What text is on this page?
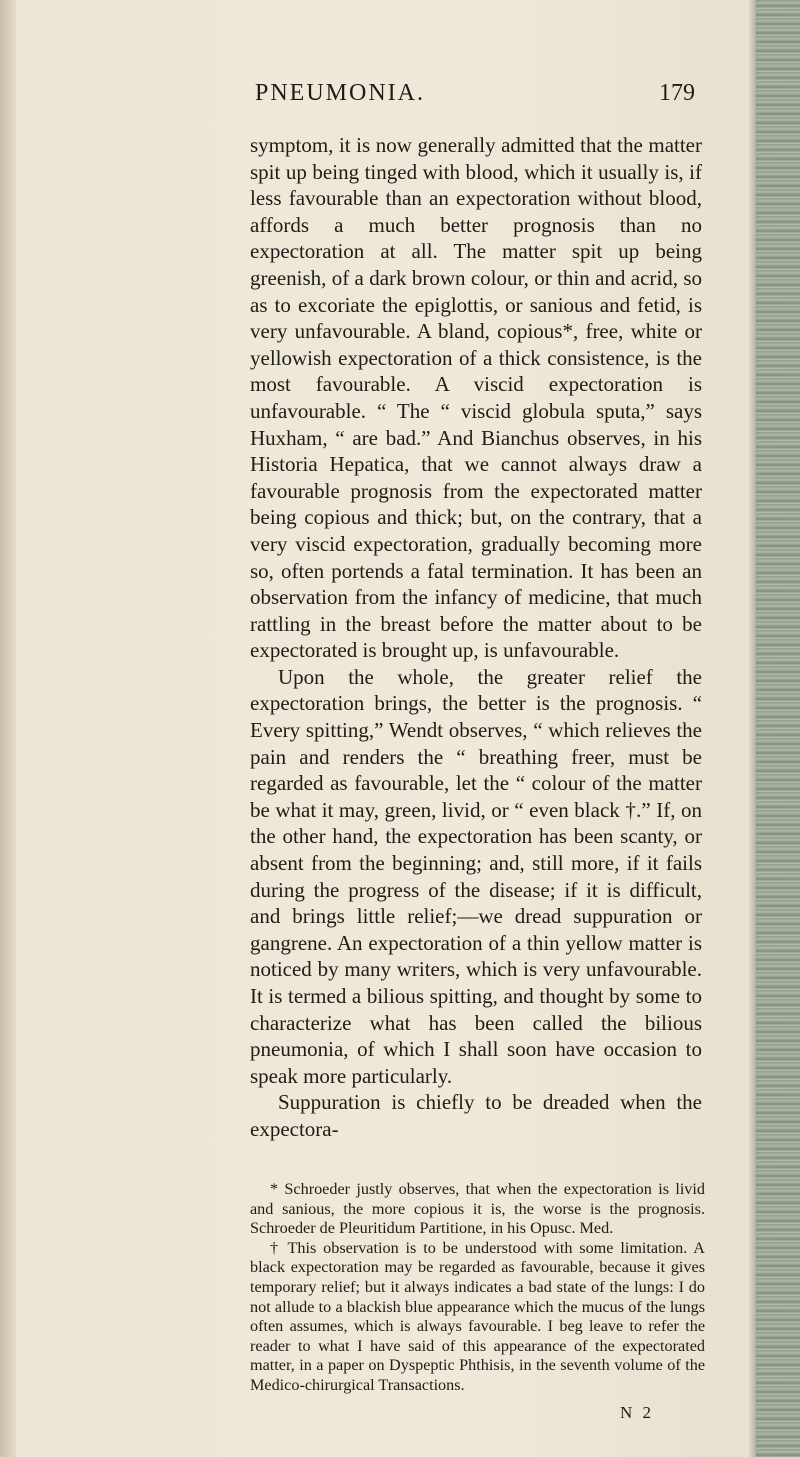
PNEUMONIA.	179

symptom, it is now generally admitted that the matter spit up being tinged with blood, which it usually is, if less favourable than an expectoration without blood, affords a much better prognosis than no expectoration at all. The matter spit up being greenish, of a dark brown colour, or thin and acrid, so as to excoriate the epiglottis, or sanious and fetid, is very unfavourable. A bland, copious*, free, white or yellowish expectoration of a thick consistence, is the most favourable. A viscid expectoration is unfavourable. “ The “ viscid globula sputa,” says Huxham, “ are bad.” And Bianchus observes, in his Historia Hepatica, that we cannot always draw a favourable prognosis from the expectorated matter being copious and thick; but, on the contrary, that a very viscid expectoration, gradually becoming more so, often portends a fatal termination. It has been an observation from the infancy of medicine, that much rattling in the breast before the matter about to be expectorated is brought up, is unfavourable.

Upon the whole, the greater relief the expectoration brings, the better is the prognosis. “ Every spitting,” Wendt observes, “ which relieves the pain and renders the “ breathing freer, must be regarded as favourable, let the “ colour of the matter be what it may, green, livid, or “ even black †.” If, on the other hand, the expectoration has been scanty, or absent from the beginning; and, still more, if it fails during the progress of the disease; if it is difficult, and brings little relief;—we dread suppuration or gangrene. An expectoration of a thin yellow matter is noticed by many writers, which is very unfavourable. It is termed a bilious spitting, and thought by some to characterize what has been called the bilious pneumonia, of which I shall soon have occasion to speak more particularly.

Suppuration is chiefly to be dreaded when the expectora-

* Schroeder justly observes, that when the expectoration is livid and sanious, the more copious it is, the worse is the prognosis. Schroeder de Pleuritidum Partitione, in his Opusc. Med.

† This observation is to be understood with some limitation. A black expectoration may be regarded as favourable, because it gives temporary relief; but it always indicates a bad state of the lungs: I do not allude to a blackish blue appearance which the mucus of the lungs often assumes, which is always favourable. I beg leave to refer the reader to what I have said of this appearance of the expectorated matter, in a paper on Dyspeptic Phthisis, in the seventh volume of the Medico-chirurgical Transactions.

N 2
